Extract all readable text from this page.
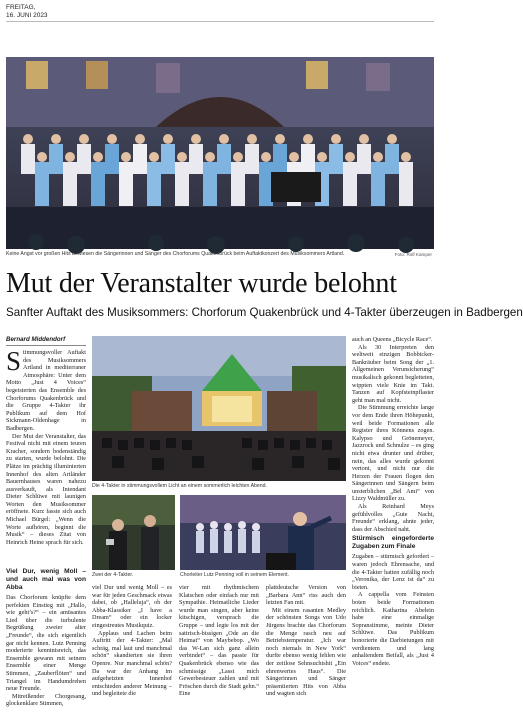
FREITAG,
16. JUNI 2023
Keine Angst vor großen Hits bewiesen die Sängerinnen und Sänger des Chorforums Quakenbrück beim Auftaktkonzert des Musiksommers Artland.	Foto: Rolf Kamper
Mut der Veranstalter wurde belohnt
Sanfter Auftakt des Musiksommers: Chorforum Quakenbrück und 4-Takter überzeugen in Badbergen
Bernard Middendorf

Stimmungsvoller Auftakt des Musiksommers Artland in mediterraner Atmosphäre: Unter dem Motto „Just 4 Voices“ begeisterten das Ensemble des Chorforums Quakenbrück und die Gruppe 4-Takter ihr Publikum auf dem Hof Sickmann-Oldenhage in Badbergen.

Der Mut der Veranstalter, das Festival nicht mit einem teuren Kracher, sondern bodenständig zu starten, wurde belohnt. Die Plätze im prächtig illuminierten Innenhof des alten Artländer Bauernhauses waren nahezu ausverkauft, als Intendant Dieter Schlüwe mit launigen Worten den Musiksommer eröffnete. Kurz fasste sich auch Michael Bürgel: „Wenn die Worte aufhören, beginnt die Musik“ – dieses Zitat von Heinrich Heine sprach für sich.

Die 4-Takter in stimmungsvollem Licht an einem sommerlich leichten Abend.
Zwei der 4-Takter.	Chorleiter Lutz Penning voll in seinem Element.
Viel Dur, wenig Moll – und auch mal was von Abba

Das Chorforum knüpfte dem perfekten Einstieg mit „Hallo, wie geht’s?“ – ein amüsantes Lied über die turbulente Begrüßung zweier alter „Freunde“, die sich eigentlich gar nicht kennen. Lutz Penning moderierte kenntnisreich, das Ensemble gewann mit seinem Ensemble einer Menge Stimmen, „Zauberflöten“ und Triangel im Handumdrehen neue Freunde.

Mitreißender Chorgesang, glockenklare Stimmen,

viel Dur und wenig Moll – es war für jeden Geschmack etwas dabei, ob „Halleluja“, ob der Abba-Klassiker „I have a Dream“ oder ein locker eingestreutes Musikquiz.

Applaus und Lachen beim Auftritt der 4-Takter: „Mal schräg, mal laut und manchmal schön“ skandierten sie ihren Openre. Nur manchmal schön? Da war der Anhang im aufgeheizten Innenhof entschieden anderer Meinung – und begleitete die

vier mit rhythmischem Klatschen oder einfach nur mit Sympathie. Heimatliche Lieder wurde man singen, aber keine kitschigen, versprach die Gruppe – und legte los mit der satirisch-bissigen „Ode an die Heimat“ von Maybebop. „Wo das W-Lan sich ganz allein verbindet“ – das passte für Quakenbrück ebenso wie das schmissige „Lasst mich Gewerbesteuer zahlen und mit Fröschen durch die Stadt gehn.“ Eine

plattdeutsche Version von „Barbara Ann“ riss auch den letzten Fan mit.

Mit einem rasanten Medley der schönsten Songs von Udo Jürgens brachte das Chorforum die Menge rasch neu auf Betriebstemperatur. „Ich war noch niemals in New York“ durfte ebenso wenig fehlen wie der zeitlose Sehnsuchtshit „Ein ehrenwertes Haus“. Die Sängerinnen und Sänger präsentierten Hits von Abba und wagten sich

auch an Queens „Bicycle Race“.

Als 30 Interpreten den weltweit einzigen Bobbicker-Bankräuber beim Song der „1. Allgemeinen Verunsicherung“ musikalisch gekonnt begleiteten, wippten viele Knie im Takt. Tanzen auf Kopfsteinpflaster geht man mal nicht.

Die Stimmung erreichte lange vor dem Ende ihren Höhepunkt, weil beide Formationen alle Register ihres Könnens zogen. Kalypso und Grönemeyer, Jazzrock und Schnulze – es ging nicht etwa drunter und drüber, nein, das alles wurde gekonnt vertont, und nicht nur die Herzen der Frauen flogen den Sängerinnen und Sängern beim unsterblichen „Bel Ami“ von Lizzy Waldmüller zu.

Als Reinhard Meys gefühlvolles „Gute Nacht, Freunde“ erklang, ahnte jeder, dass der Abschied naht.

Stürmisch eingeforderte Zugaben zum Finale

Zugaben – stürmisch gefordert – waren jedoch Ehrensache, und die 4-Takter hatten zufällig noch „Veronika, der Lenz ist da“ zu bieten.

A cappella vom Feinsten boten beide Formationen reichlich. Katharina Abelein habe eine einmalige Sopranstimme, meinte Dieter Schlüwe. Das Publikum honorierte die Darbietungen mit verdientem und lang anhaltendem Beifall, als „Just 4 Voices“ endete.
